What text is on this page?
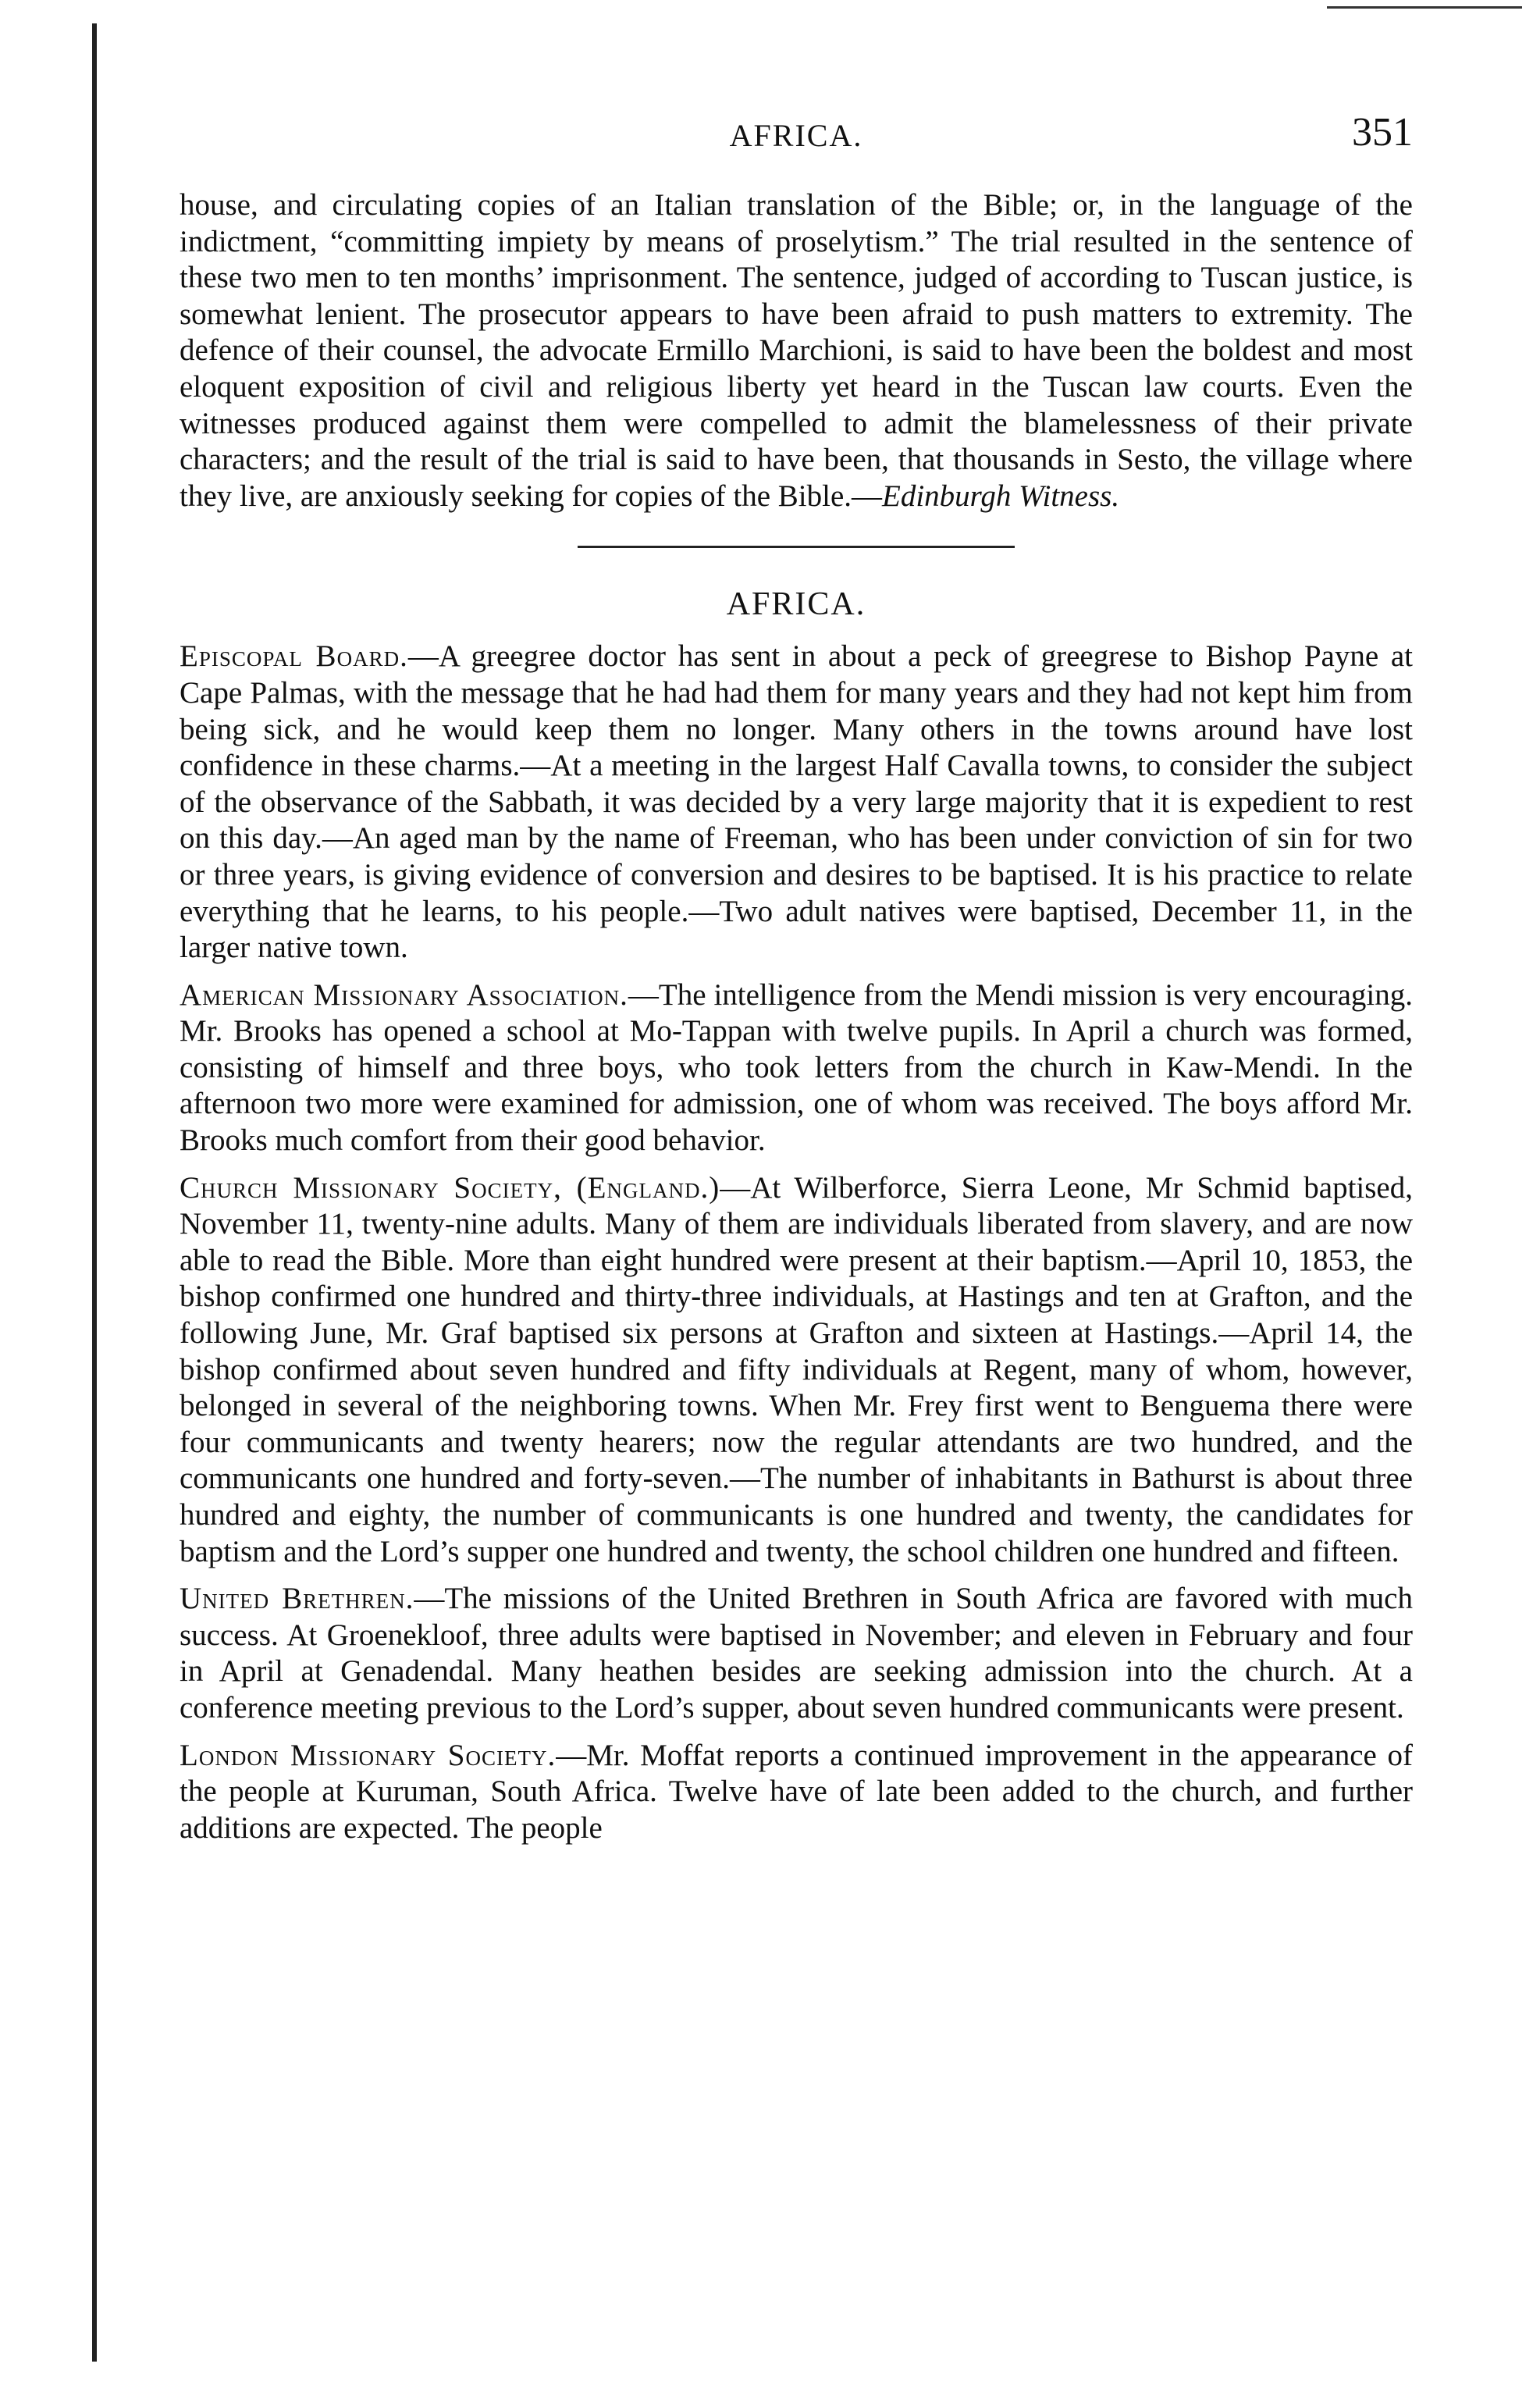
AFRICA.	351

house, and circulating copies of an Italian translation of the Bible; or, in the language of the indictment, “committing impiety by means of proselytism.” The trial resulted in the sentence of these two men to ten months’ imprisonment. The sentence, judged of according to Tuscan justice, is somewhat lenient. The prosecutor appears to have been afraid to push matters to extremity. The defence of their counsel, the advocate Ermillo Marchioni, is said to have been the boldest and most eloquent exposition of civil and religious liberty yet heard in the Tuscan law courts. Even the witnesses produced against them were compelled to admit the blamelessness of their private characters; and the result of the trial is said to have been, that thousands in Sesto, the village where they live, are anxiously seeking for copies of the Bible.—Edinburgh Witness.

AFRICA.

Episcopal Board.—A greegree doctor has sent in about a peck of greegrese to Bishop Payne at Cape Palmas, with the message that he had had them for many years and they had not kept him from being sick, and he would keep them no longer. Many others in the towns around have lost confidence in these charms.—At a meeting in the largest Half Cavalla towns, to consider the subject of the observance of the Sabbath, it was decided by a very large majority that it is expedient to rest on this day.—An aged man by the name of Freeman, who has been under conviction of sin for two or three years, is giving evidence of conversion and desires to be baptised. It is his practice to relate everything that he learns, to his people.—Two adult natives were baptised, December 11, in the larger native town.

American Missionary Association.—The intelligence from the Mendi mission is very encouraging. Mr. Brooks has opened a school at Mo-Tappan with twelve pupils. In April a church was formed, consisting of himself and three boys, who took letters from the church in Kaw-Mendi. In the afternoon two more were examined for admission, one of whom was received. The boys afford Mr. Brooks much comfort from their good behavior.

Church Missionary Society, (England.)—At Wilberforce, Sierra Leone, Mr Schmid baptised, November 11, twenty-nine adults. Many of them are individuals liberated from slavery, and are now able to read the Bible. More than eight hundred were present at their baptism.—April 10, 1853, the bishop confirmed one hundred and thirty-three individuals, at Hastings and ten at Grafton, and the following June, Mr. Graf baptised six persons at Grafton and sixteen at Hastings.—April 14, the bishop confirmed about seven hundred and fifty individuals at Regent, many of whom, however, belonged in several of the neighboring towns. When Mr. Frey first went to Benguema there were four communicants and twenty hearers; now the regular attendants are two hundred, and the communicants one hundred and forty-seven.—The number of inhabitants in Bathurst is about three hundred and eighty, the number of communicants is one hundred and twenty, the candidates for baptism and the Lord’s supper one hundred and twenty, the school children one hundred and fifteen.

United Brethren.—The missions of the United Brethren in South Africa are favored with much success. At Groenekloof, three adults were baptised in November; and eleven in February and four in April at Genadendal. Many heathen besides are seeking admission into the church. At a conference meeting previous to the Lord’s supper, about seven hundred communicants were present.

London Missionary Society.—Mr. Moffat reports a continued improvement in the appearance of the people at Kuruman, South Africa. Twelve have of late been added to the church, and further additions are expected. The people
